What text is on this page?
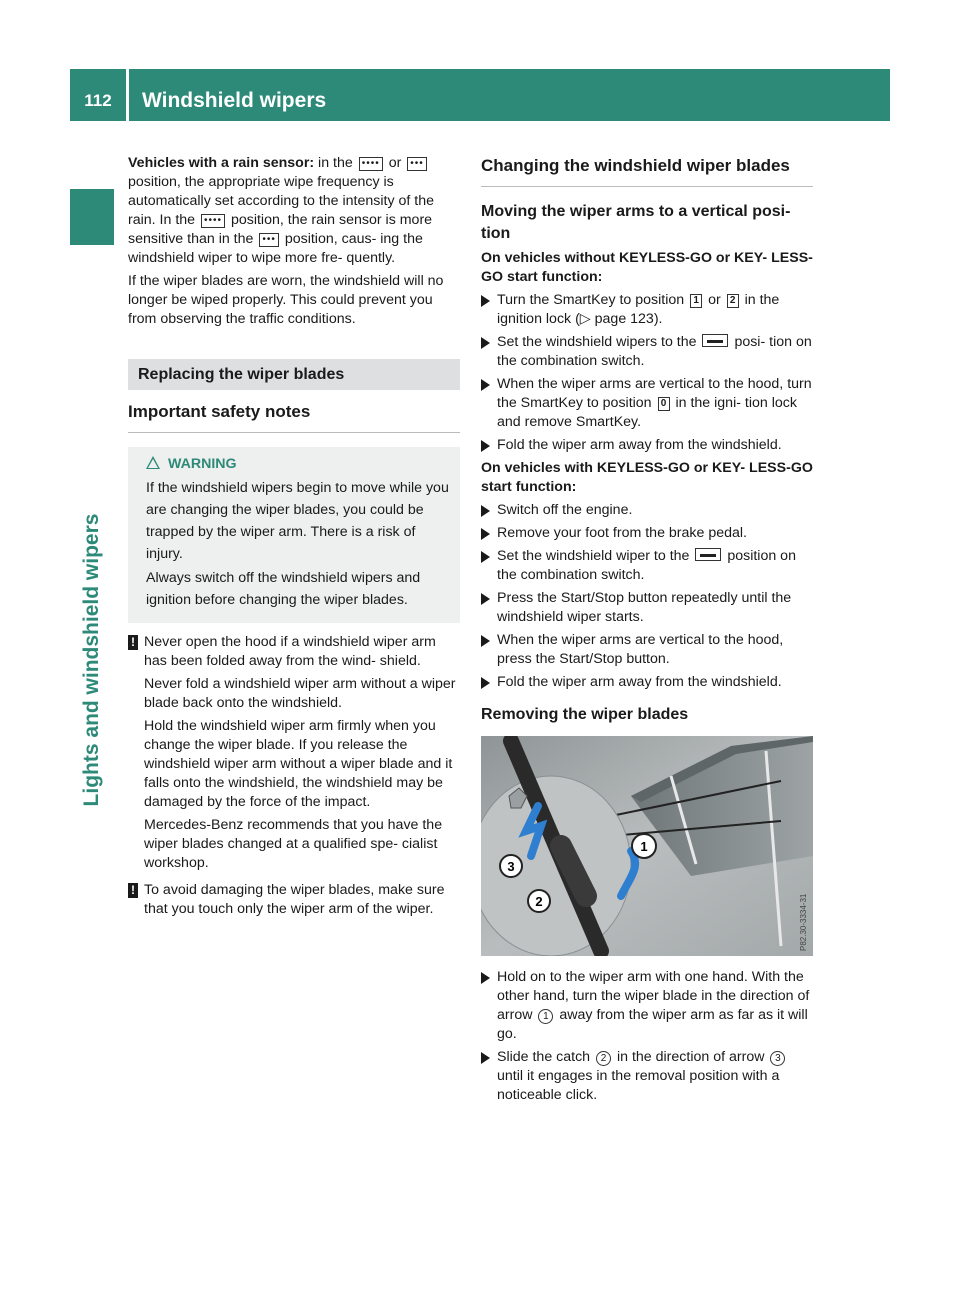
112	Windshield wipers
Lights and windshield wipers

Vehicles with a rain sensor: in the •••• or ••• position, the appropriate wipe frequency is automatically set according to the intensity of the rain. In the •••• position, the rain sensor is more sensitive than in the ••• position, caus- ing the windshield wiper to wipe more fre- quently.

If the wiper blades are worn, the windshield will no longer be wiped properly. This could prevent you from observing the traffic conditions.

Replacing the wiper blades
Important safety notes
WARNING

If the windshield wipers begin to move while you are changing the wiper blades, you could be trapped by the wiper arm. There is a risk of injury.

Always switch off the windshield wipers and ignition before changing the wiper blades.

! Never open the hood if a windshield wiper arm has been folded away from the wind- shield.

Never fold a windshield wiper arm without a wiper blade back onto the windshield.

Hold the windshield wiper arm firmly when you change the wiper blade. If you release the windshield wiper arm without a wiper blade and it falls onto the windshield, the windshield may be damaged by the force of the impact.

Mercedes-Benz recommends that you have the wiper blades changed at a qualified spe- cialist workshop.

! To avoid damaging the wiper blades, make sure that you touch only the wiper arm of the wiper.

Changing the windshield wiper blades
Moving the wiper arms to a vertical posi- tion

On vehicles without KEYLESS-GO or KEY- LESS-GO start function:

Turn the SmartKey to position 1 or 2 in the ignition lock (▷ page 123).
Set the windshield wipers to the	posi- tion on the combination switch.
When the wiper arms are vertical to the hood, turn the SmartKey to position 0 in the igni- tion lock and remove SmartKey.
Fold the wiper arm away from the windshield.

On vehicles with KEYLESS-GO or KEY- LESS-GO start function:

Switch off the engine.
Remove your foot from the brake pedal.
Set the windshield wiper to the	position on the combination switch.
Press the Start/Stop button repeatedly until the windshield wiper starts.
When the wiper arms are vertical to the hood, press the Start/Stop button.
Fold the wiper arm away from the windshield.
Removing the wiper blades
3
2
1
P82.30-3334-31
Hold on to the wiper arm with one hand. With the other hand, turn the wiper blade in the direction of arrow 1 away from the wiper arm as far as it will go.
Slide the catch 2 in the direction of arrow 3 until it engages in the removal position with a noticeable click.
